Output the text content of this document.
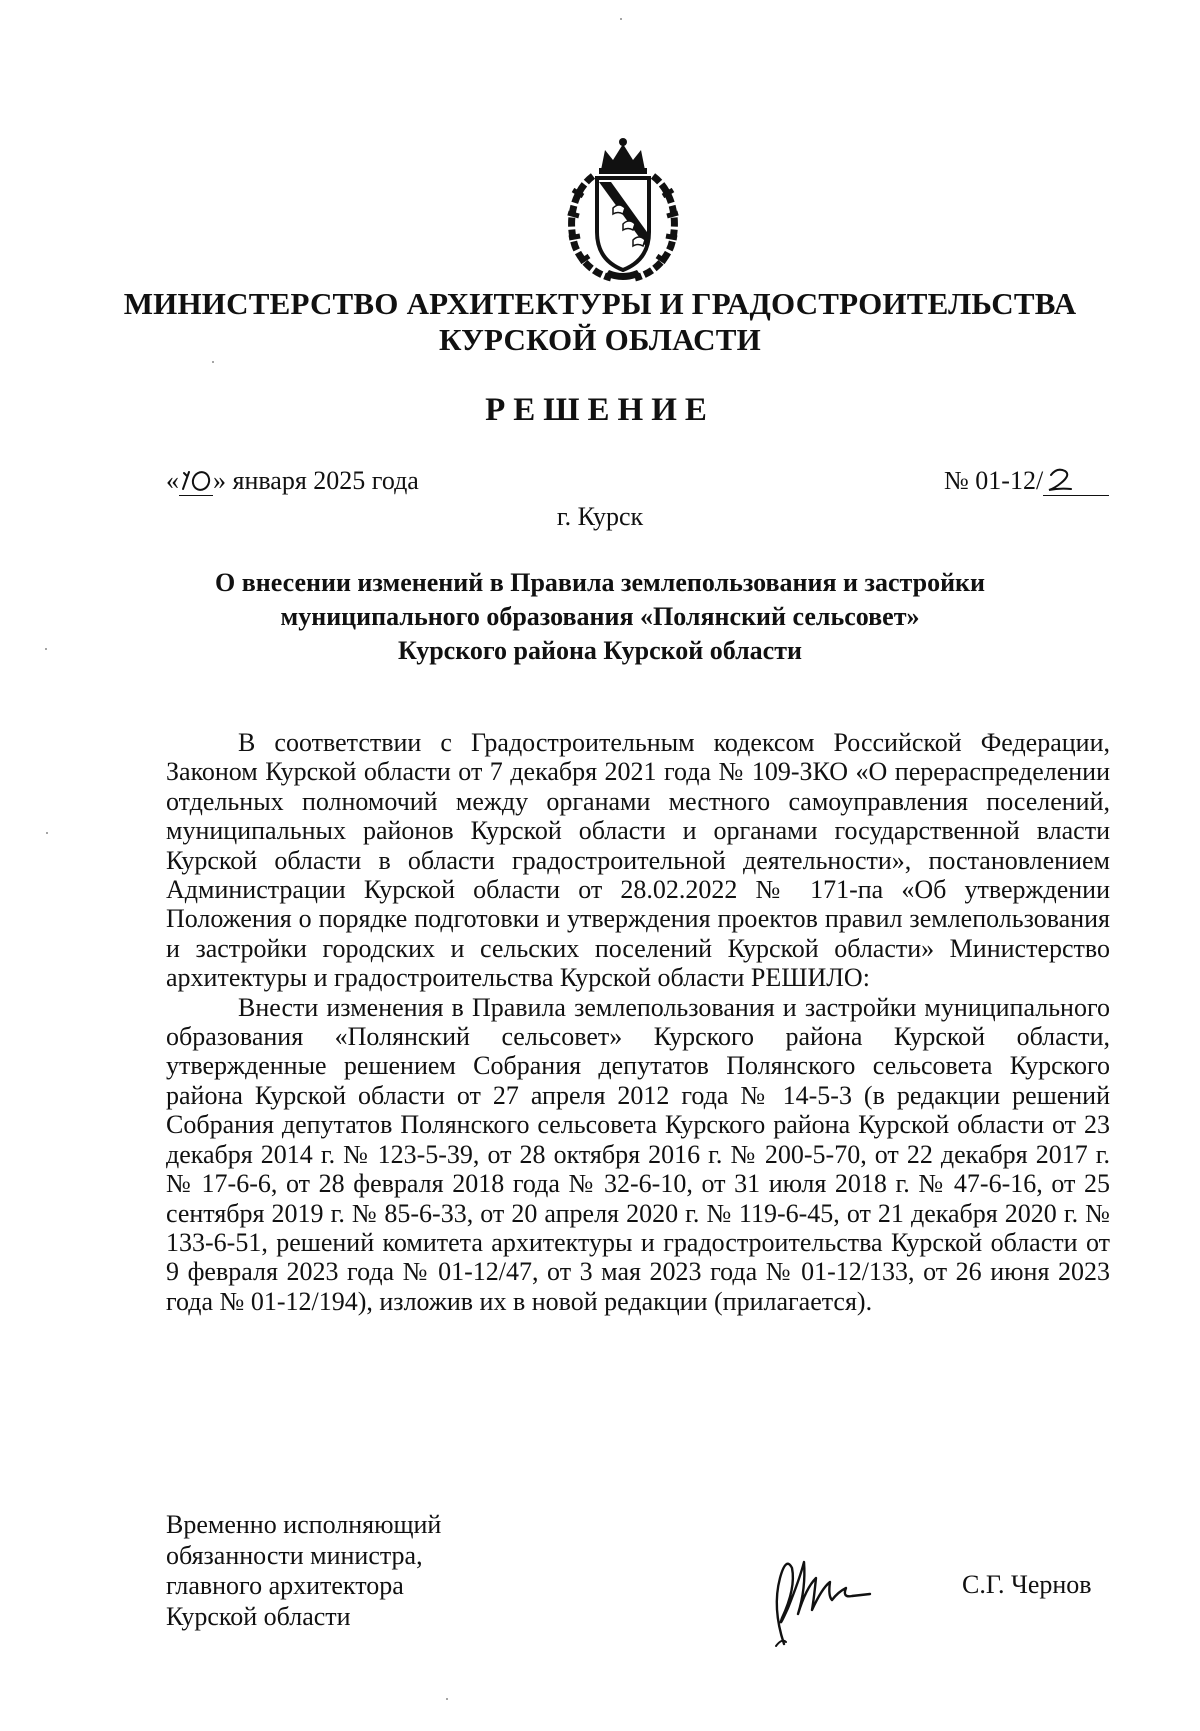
МИНИСТЕРСТВО АРХИТЕКТУРЫ И ГРАДОСТРОИТЕЛЬСТВА
КУРСКОЙ ОБЛАСТИ
РЕШЕНИЕ
« » января 2025 года	№ 01-12/
г. Курск
О внесении изменений в Правила землепользования и застройки
муниципального образования «Полянский сельсовет»
Курского района Курской области

В соответствии с Градостроительным кодексом Российской Федерации, Законом Курской области от 7 декабря 2021 года № 109-ЗКО «О перераспределении отдельных полномочий между органами местного самоуправления поселений, муниципальных районов Курской области и органами государственной власти Курской области в области градостроительной деятельности», постановлением Администрации Курской области от 28.02.2022 № 171-па «Об утверждении Положения о порядке подготовки и утверждения проектов правил землепользования и застройки городских и сельских поселений Курской области» Министерство архитектуры и градостроительства Курской области РЕШИЛО:

Внести изменения в Правила землепользования и застройки муниципального образования «Полянский сельсовет» Курского района Курской области, утвержденные решением Собрания депутатов Полянского сельсовета Курского района Курской области от 27 апреля 2012 года № 14-5-3 (в редакции решений Собрания депутатов Полянского сельсовета Курского района Курской области от 23 декабря 2014 г. № 123-5-39, от 28 октября 2016 г. № 200-5-70, от 22 декабря 2017 г. № 17-6-6, от 28 февраля 2018 года № 32-6-10, от 31 июля 2018 г. № 47-6-16, от 25 сентября 2019 г. № 85-6-33, от 20 апреля 2020 г. № 119-6-45, от 21 декабря 2020 г. № 133-6-51, решений комитета архитектуры и градостроительства Курской области от 9 февраля 2023 года № 01-12/47, от 3 мая 2023 года № 01-12/133, от 26 июня 2023 года № 01-12/194), изложив их в новой редакции (прилагается).

Временно исполняющий
обязанности министра,
главного архитектора
Курской области
С.Г. Чернов
